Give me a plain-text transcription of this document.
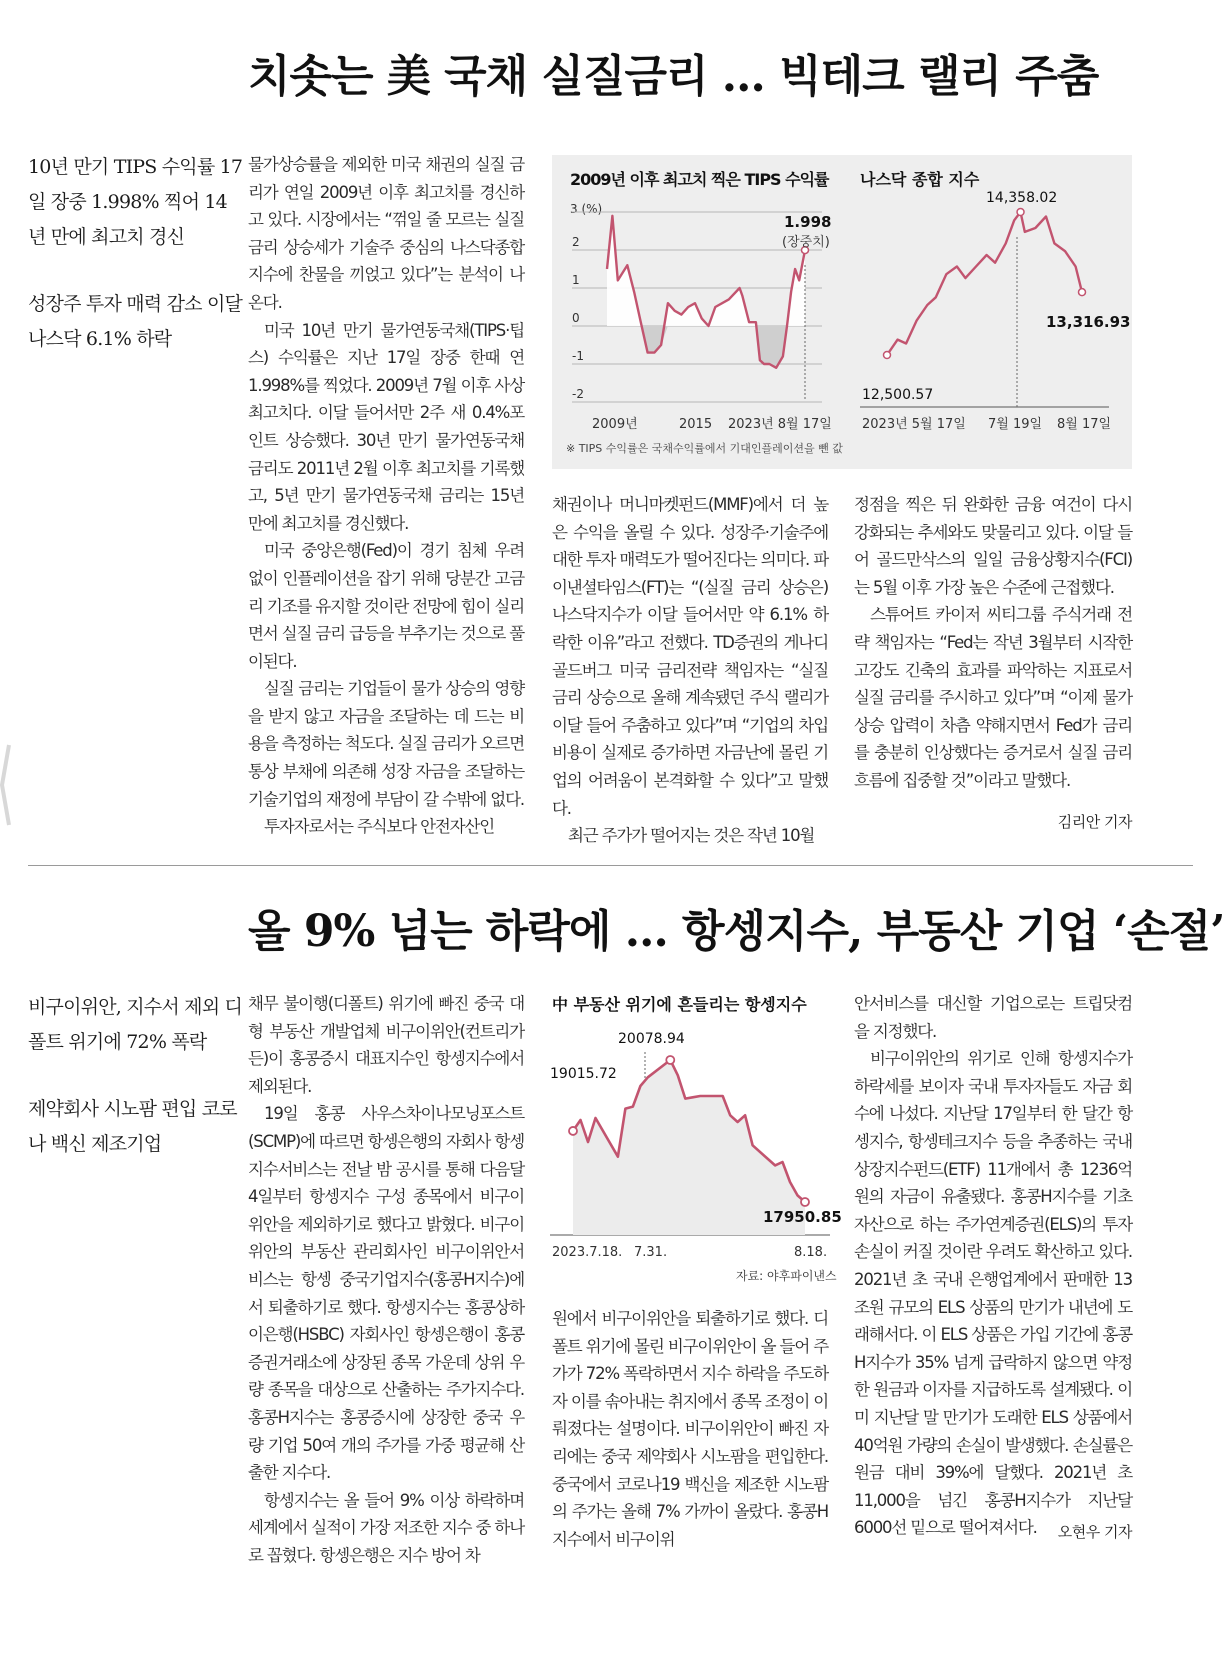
치솟는 美 국채 실질금리 … 빅테크 랠리 주춤

10년 만기 TIPS 수익률 17일 장중 1.998% 찍어 14년 만에 최고치 경신

성장주 투자 매력 감소 이달 나스닥 6.1% 하락

물가상승률을 제외한 미국 채권의 실질 금리가 연일 2009년 이후 최고치를 경신하고 있다. 시장에서는 “꺾일 줄 모르는 실질 금리 상승세가 기술주 중심의 나스닥종합지수에 찬물을 끼얹고 있다”는 분석이 나온다.

미국 10년 만기 물가연동국채(TIPS·팁스) 수익률은 지난 17일 장중 한때 연 1.998%를 찍었다. 2009년 7월 이후 사상 최고치다. 이달 들어서만 2주 새 0.4%포인트 상승했다. 30년 만기 물가연동국채 금리도 2011년 2월 이후 최고치를 기록했고, 5년 만기 물가연동국채 금리는 15년 만에 최고치를 경신했다.

미국 중앙은행(Fed)이 경기 침체 우려 없이 인플레이션을 잡기 위해 당분간 고금리 기조를 유지할 것이란 전망에 힘이 실리면서 실질 금리 급등을 부추기는 것으로 풀이된다.

실질 금리는 기업들이 물가 상승의 영향을 받지 않고 자금을 조달하는 데 드는 비용을 측정하는 척도다. 실질 금리가 오르면 통상 부채에 의존해 성장 자금을 조달하는 기술기업의 재정에 부담이 갈 수밖에 없다.

투자자로서는 주식보다 안전자산인

2009년 이후 최고치 찍은 TIPS 수익률
3 (%)
2
1
0
-1
-2
1.998
(장중치)
2009년	2015 2023년 8월 17일
※ TIPS 수익률은 국채수익률에서 기대인플레이션을 뺀 값
나스닥 종합 지수
14,358.02
12,500.57
13,316.93
2023년 5월 17일 7월 19일 8월 17일

채권이나 머니마켓펀드(MMF)에서 더 높은 수익을 올릴 수 있다. 성장주·기술주에 대한 투자 매력도가 떨어진다는 의미다. 파이낸셜타임스(FT)는 “(실질 금리 상승은) 나스닥지수가 이달 들어서만 약 6.1% 하락한 이유”라고 전했다. TD증권의 게나디 골드버그 미국 금리전략 책임자는 “실질 금리 상승으로 올해 계속됐던 주식 랠리가 이달 들어 주춤하고 있다”며 “기업의 차입 비용이 실제로 증가하면 자금난에 몰린 기업의 어려움이 본격화할 수 있다”고 말했다.

최근 주가가 떨어지는 것은 작년 10월

정점을 찍은 뒤 완화한 금융 여건이 다시 강화되는 추세와도 맞물리고 있다. 이달 들어 골드만삭스의 일일 금융상황지수(FCI)는 5월 이후 가장 높은 수준에 근접했다.

스튜어트 카이저 씨티그룹 주식거래 전략 책임자는 “Fed는 작년 3월부터 시작한 고강도 긴축의 효과를 파악하는 지표로서 실질 금리를 주시하고 있다”며 “이제 물가 상승 압력이 차츰 약해지면서 Fed가 금리를 충분히 인상했다는 증거로서 실질 금리 흐름에 집중할 것”이라고 말했다.

김리안 기자
올 9% 넘는 하락에 … 항셍지수, 부동산 기업 ‘손절’

비구이위안, 지수서 제외 디폴트 위기에 72% 폭락

제약회사 시노팜 편입 코로나 백신 제조기업

채무 불이행(디폴트) 위기에 빠진 중국 대형 부동산 개발업체 비구이위안(컨트리가든)이 홍콩증시 대표지수인 항셍지수에서 제외된다.

19일 홍콩 사우스차이나모닝포스트(SCMP)에 따르면 항셍은행의 자회사 항셍지수서비스는 전날 밤 공시를 통해 다음달 4일부터 항셍지수 구성 종목에서 비구이위안을 제외하기로 했다고 밝혔다. 비구이위안의 부동산 관리회사인 비구이위안서비스는 항셍 중국기업지수(홍콩H지수)에서 퇴출하기로 했다. 항셍지수는 홍콩상하이은행(HSBC) 자회사인 항셍은행이 홍콩증권거래소에 상장된 종목 가운데 상위 우량 종목을 대상으로 산출하는 주가지수다. 홍콩H지수는 홍콩증시에 상장한 중국 우량 기업 50여 개의 주가를 가중 평균해 산출한 지수다.

항셍지수는 올 들어 9% 이상 하락하며 세계에서 실적이 가장 저조한 지수 중 하나로 꼽혔다. 항셍은행은 지수 방어 차

中 부동산 위기에 흔들리는 항셍지수
20078.94
19015.72
17950.85
2023.7.18. 7.31.	8.18.
자료: 야후파이낸스

원에서 비구이위안을 퇴출하기로 했다. 디폴트 위기에 몰린 비구이위안이 올 들어 주가가 72% 폭락하면서 지수 하락을 주도하자 이를 솎아내는 취지에서 종목 조정이 이뤄졌다는 설명이다. 비구이위안이 빠진 자리에는 중국 제약회사 시노팜을 편입한다. 중국에서 코로나19 백신을 제조한 시노팜의 주가는 올해 7% 가까이 올랐다. 홍콩H지수에서 비구이위

안서비스를 대신할 기업으로는 트립닷컴을 지정했다.

비구이위안의 위기로 인해 항셍지수가 하락세를 보이자 국내 투자자들도 자금 회수에 나섰다. 지난달 17일부터 한 달간 항셍지수, 항셍테크지수 등을 추종하는 국내 상장지수펀드(ETF) 11개에서 총 1236억원의 자금이 유출됐다. 홍콩H지수를 기초자산으로 하는 주가연계증권(ELS)의 투자 손실이 커질 것이란 우려도 확산하고 있다. 2021년 초 국내 은행업계에서 판매한 13조원 규모의 ELS 상품의 만기가 내년에 도래해서다. 이 ELS 상품은 가입 기간에 홍콩H지수가 35% 넘게 급락하지 않으면 약정한 원금과 이자를 지급하도록 설계됐다. 이미 지난달 말 만기가 도래한 ELS 상품에서 40억원 가량의 손실이 발생했다. 손실률은 원금 대비 39%에 달했다. 2021년 초 11,000을 넘긴 홍콩H지수가 지난달 6000선 밑으로 떨어져서다.	오현우 기자
